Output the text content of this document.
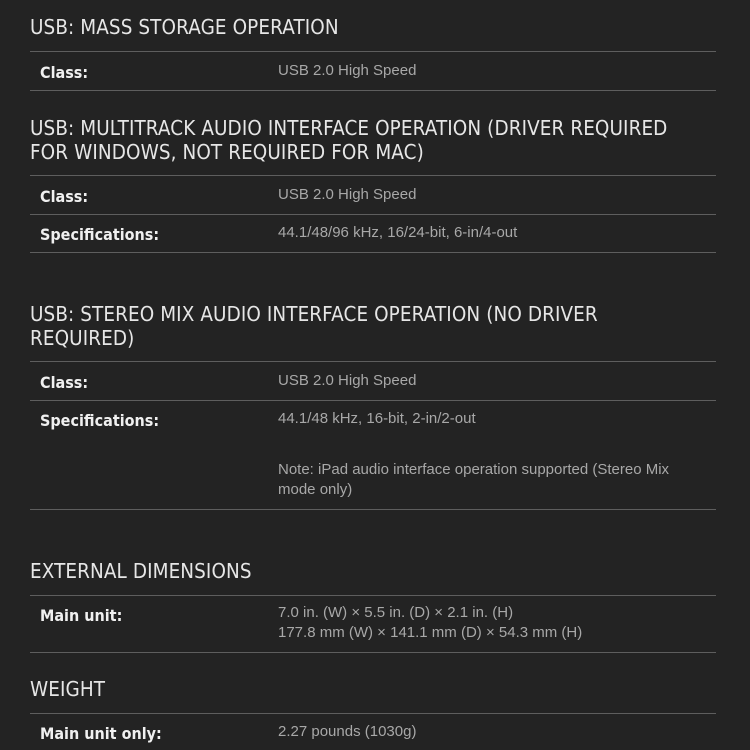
USB: MASS STORAGE OPERATION
Class:	USB 2.0 High Speed
USB: MULTITRACK AUDIO INTERFACE OPERATION (DRIVER REQUIRED
FOR WINDOWS, NOT REQUIRED FOR MAC)
Class:	USB 2.0 High Speed
Specifications:	44.1/48/96 kHz, 16/24-bit, 6-in/4-out
USB: STEREO MIX AUDIO INTERFACE OPERATION (NO DRIVER
REQUIRED)
Class:	USB 2.0 High Speed
Specifications:	44.1/48 kHz, 16-bit, 2-in/2-out
Note: iPad audio interface operation supported (Stereo Mix
mode only)
EXTERNAL DIMENSIONS
Main unit:	7.0 in. (W) × 5.5 in. (D) × 2.1 in. (H)
177.8 mm (W) × 141.1 mm (D) × 54.3 mm (H)
WEIGHT
Main unit only:	2.27 pounds (1030g)
